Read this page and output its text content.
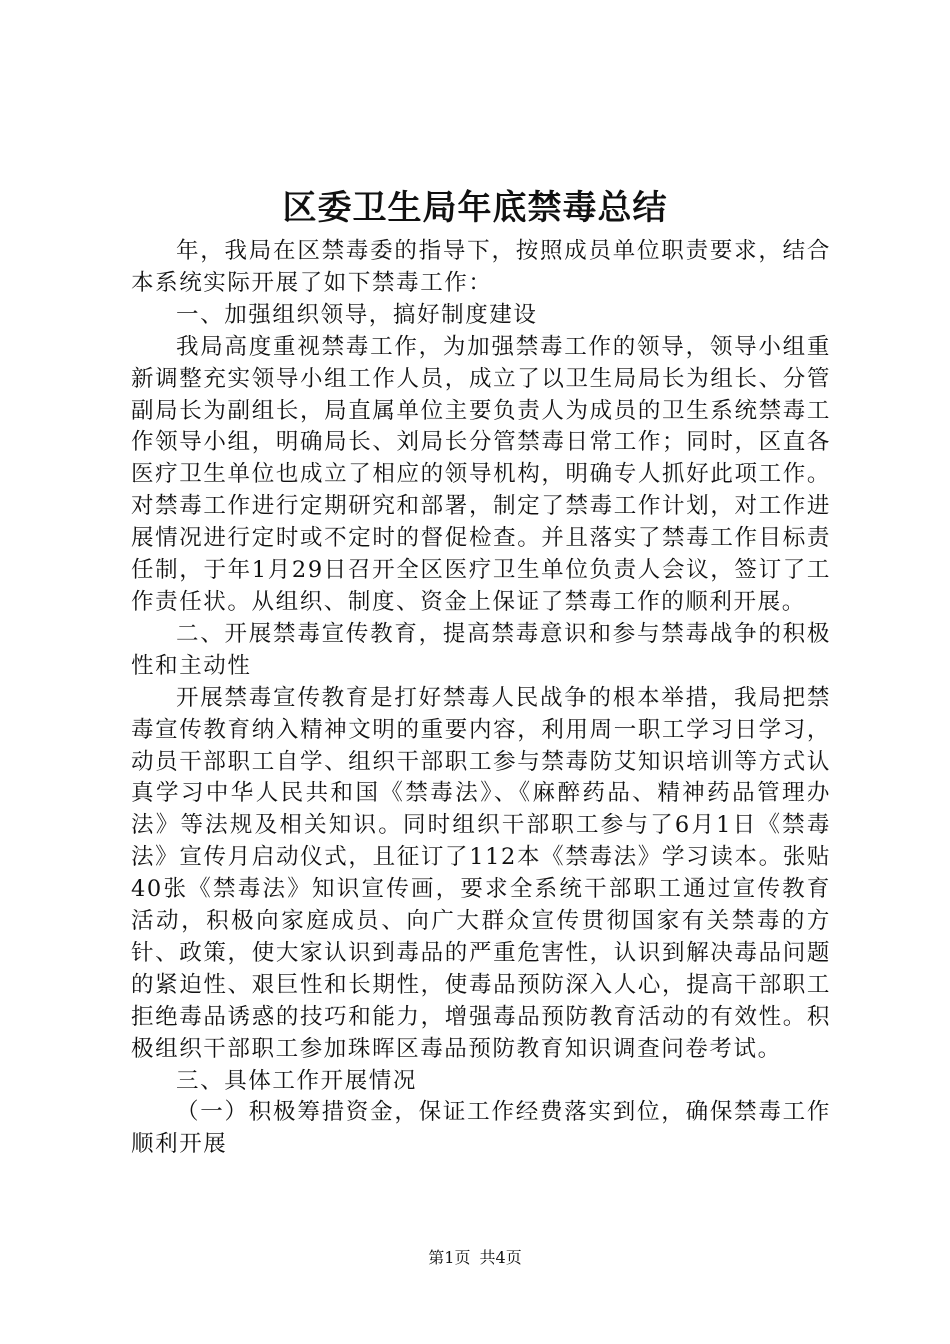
区委卫生局年底禁毒总结

年，我局在区禁毒委的指导下，按照成员单位职责要求，结合本系统实际开展了如下禁毒工作：

一、加强组织领导，搞好制度建设

我局高度重视禁毒工作，为加强禁毒工作的领导，领导小组重新调整充实领导小组工作人员，成立了以卫生局局长为组长、分管副局长为副组长，局直属单位主要负责人为成员的卫生系统禁毒工作领导小组，明确局长、刘局长分管禁毒日常工作；同时，区直各医疗卫生单位也成立了相应的领导机构，明确专人抓好此项工作。对禁毒工作进行定期研究和部署，制定了禁毒工作计划，对工作进展情况进行定时或不定时的督促检查。并且落实了禁毒工作目标责任制，于年1月29日召开全区医疗卫生单位负责人会议，签订了工作责任状。从组织、制度、资金上保证了禁毒工作的顺利开展。

二、开展禁毒宣传教育，提高禁毒意识和参与禁毒战争的积极性和主动性

开展禁毒宣传教育是打好禁毒人民战争的根本举措，我局把禁毒宣传教育纳入精神文明的重要内容，利用周一职工学习日学习，动员干部职工自学、组织干部职工参与禁毒防艾知识培训等方式认真学习中华人民共和国《禁毒法》、《麻醉药品、精神药品管理办法》等法规及相关知识。同时组织干部职工参与了6月1日《禁毒法》宣传月启动仪式，且征订了112本《禁毒法》学习读本。张贴40张《禁毒法》知识宣传画，要求全系统干部职工通过宣传教育活动，积极向家庭成员、向广大群众宣传贯彻国家有关禁毒的方针、政策，使大家认识到毒品的严重危害性，认识到解决毒品问题的紧迫性、艰巨性和长期性，使毒品预防深入人心，提高干部职工拒绝毒品诱惑的技巧和能力，增强毒品预防教育活动的有效性。积极组织干部职工参加珠晖区毒品预防教育知识调查问卷考试。

三、具体工作开展情况

（一）积极筹措资金，保证工作经费落实到位，确保禁毒工作顺利开展

第1页 共4页
